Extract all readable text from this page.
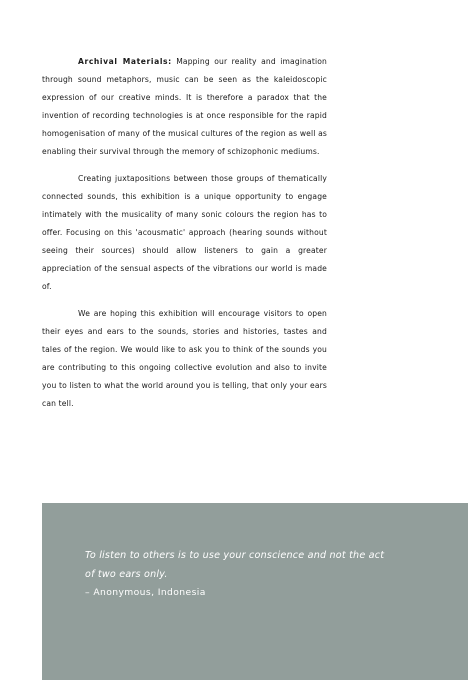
Archival Materials: Mapping our reality and imagination through sound metaphors, music can be seen as the kaleidoscopic expression of our creative minds. It is therefore a paradox that the invention of recording technologies is at once responsible for the rapid homogenisation of many of the musical cultures of the region as well as enabling their survival through the memory of schizophonic mediums.

Creating juxtapositions between those groups of thematically connected sounds, this exhibition is a unique opportunity to engage intimately with the musicality of many sonic colours the region has to offer. Focusing on this 'acousmatic' approach (hearing sounds without seeing their sources) should allow listeners to gain a greater appreciation of the sensual aspects of the vibrations our world is made of.

We are hoping this exhibition will encourage visitors to open their eyes and ears to the sounds, stories and histories, tastes and tales of the region. We would like to ask you to think of the sounds you are contributing to this ongoing collective evolution and also to invite you to listen to what the world around you is telling, that only your ears can tell.

To listen to others is to use your conscience and not the act of two ears only.
– Anonymous, Indonesia
